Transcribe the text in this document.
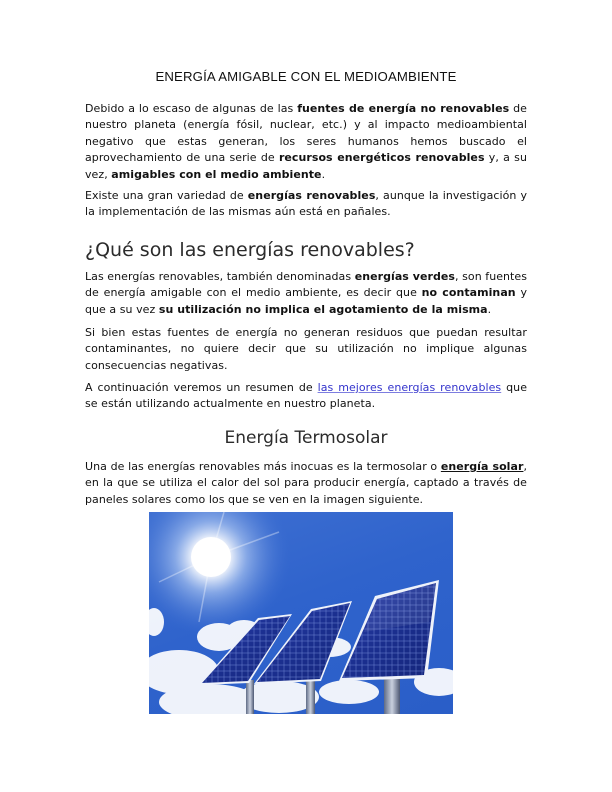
ENERGÍA AMIGABLE CON EL MEDIOAMBIENTE

Debido a lo escaso de algunas de las fuentes de energía no renovables de nuestro planeta (energía fósil, nuclear, etc.) y al impacto medioambiental negativo que estas generan, los seres humanos hemos buscado el aprovechamiento de una serie de recursos energéticos renovables y, a su vez, amigables con el medio ambiente.

Existe una gran variedad de energías renovables, aunque la investigación y la implementación de las mismas aún está en pañales.

¿Qué son las energías renovables?

Las energías renovables, también denominadas energías verdes, son fuentes de energía amigable con el medio ambiente, es decir que no contaminan y que a su vez su utilización no implica el agotamiento de la misma.

Si bien estas fuentes de energía no generan residuos que puedan resultar contaminantes, no quiere decir que su utilización no implique algunas consecuencias negativas.

A continuación veremos un resumen de las mejores energías renovables que se están utilizando actualmente en nuestro planeta.

Energía Termosolar

Una de las energías renovables más inocuas es la termosolar o energía solar, en la que se utiliza el calor del sol para producir energía, captado a través de paneles solares como los que se ven en la imagen siguiente.
